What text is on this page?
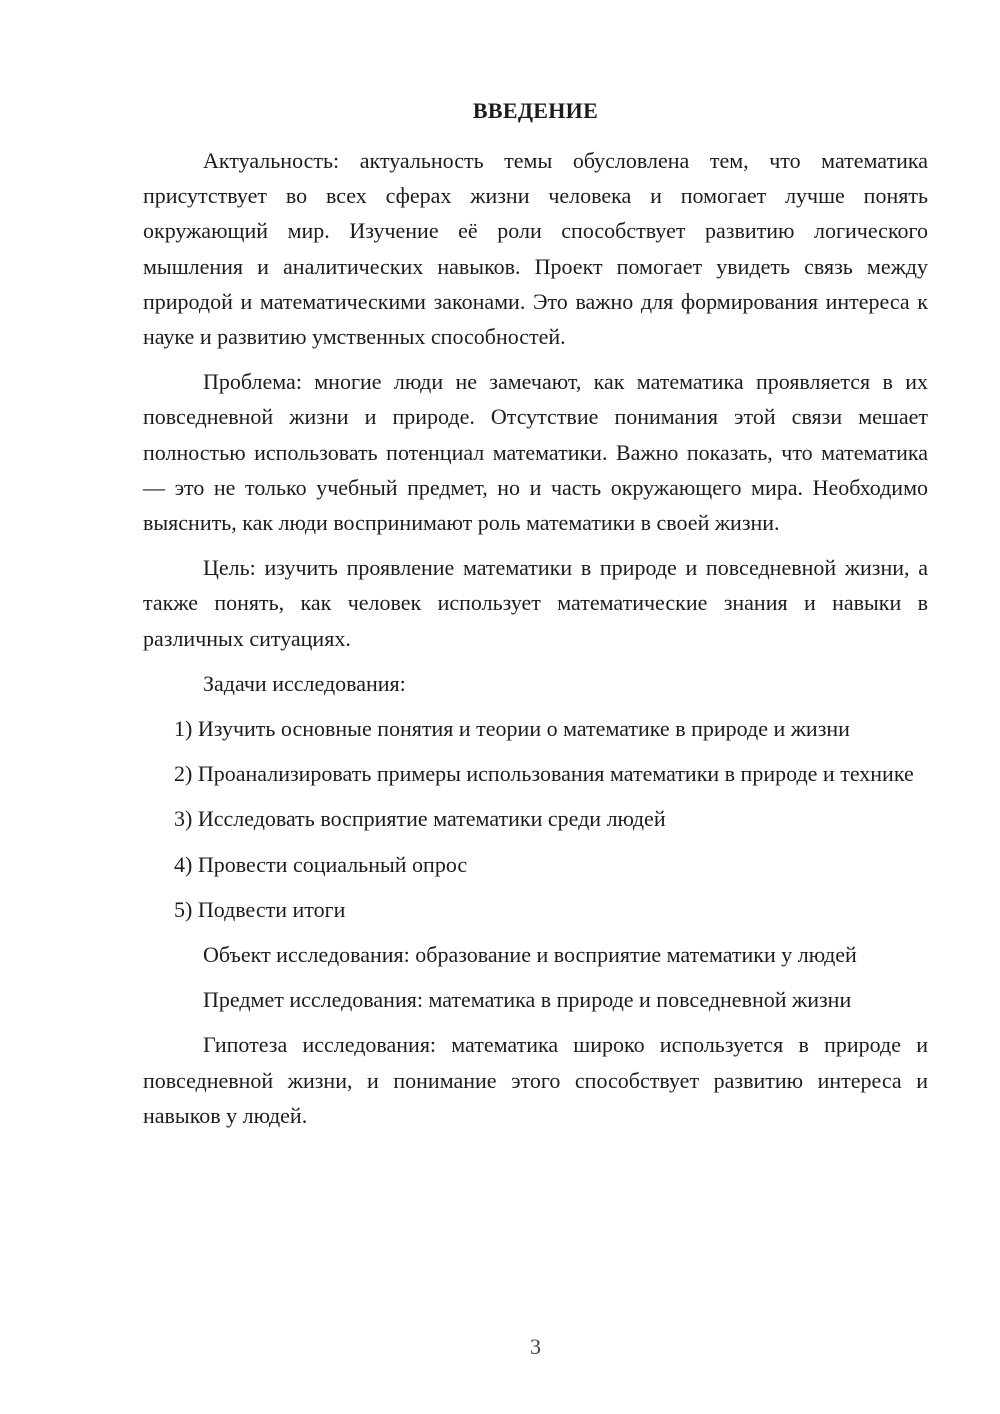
ВВЕДЕНИЕ

Актуальность: актуальность темы обусловлена тем, что математика присутствует во всех сферах жизни человека и помогает лучше понять окружающий мир. Изучение её роли способствует развитию логического мышления и аналитических навыков. Проект помогает увидеть связь между природой и математическими законами. Это важно для формирования интереса к науке и развитию умственных способностей.

Проблема: многие люди не замечают, как математика проявляется в их повседневной жизни и природе. Отсутствие понимания этой связи мешает полностью использовать потенциал математики. Важно показать, что математика — это не только учебный предмет, но и часть окружающего мира. Необходимо выяснить, как люди воспринимают роль математики в своей жизни.

Цель: изучить проявление математики в природе и повседневной жизни, а также понять, как человек использует математические знания и навыки в различных ситуациях.

Задачи исследования:

1) Изучить основные понятия и теории о математике в природе и жизни

2) Проанализировать примеры использования математики в природе и технике

3) Исследовать восприятие математики среди людей

4) Провести социальный опрос

5) Подвести итоги

Объект исследования: образование и восприятие математики у людей

Предмет исследования: математика в природе и повседневной жизни

Гипотеза исследования: математика широко используется в природе и повседневной жизни, и понимание этого способствует развитию интереса и навыков у людей.

3
